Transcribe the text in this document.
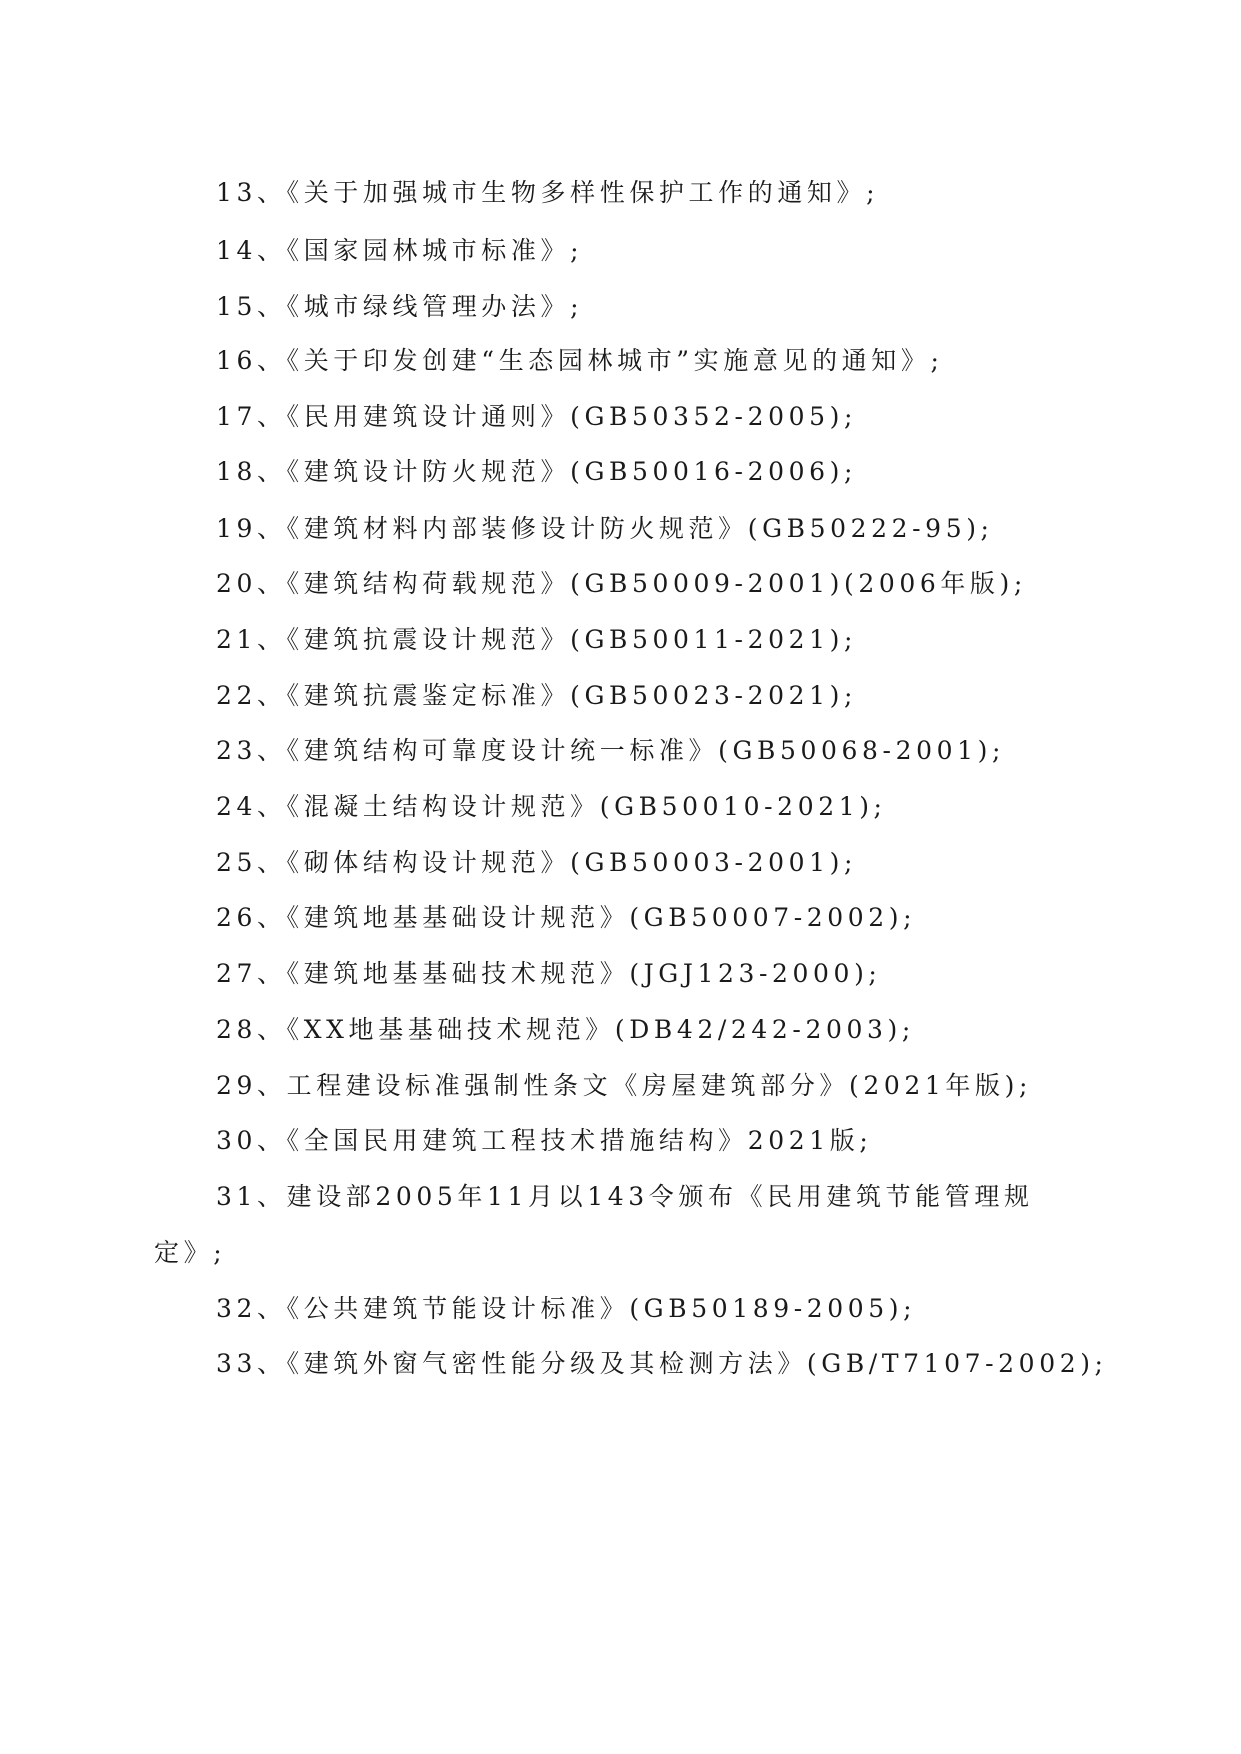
13、《关于加强城市生物多样性保护工作的通知》;
14、《国家园林城市标准》;
15、《城市绿线管理办法》;
16、《关于印发创建“生态园林城市”实施意见的通知》;
17、《民用建筑设计通则》(GB50352-2005);
18、《建筑设计防火规范》(GB50016-2006);
19、《建筑材料内部装修设计防火规范》(GB50222-95);
20、《建筑结构荷载规范》(GB50009-2001)(2006年版);
21、《建筑抗震设计规范》(GB50011-2021);
22、《建筑抗震鉴定标准》(GB50023-2021);
23、《建筑结构可靠度设计统一标准》(GB50068-2001);
24、《混凝土结构设计规范》(GB50010-2021);
25、《砌体结构设计规范》(GB50003-2001);
26、《建筑地基基础设计规范》(GB50007-2002);
27、《建筑地基基础技术规范》(JGJ123-2000);
28、《XX地基基础技术规范》(DB42/242-2003);
29、工程建设标准强制性条文《房屋建筑部分》(2021年版);
30、《全国民用建筑工程技术措施结构》2021版;
31、建设部2005年11月以143令颁布《民用建筑节能管理规
定》;
32、《公共建筑节能设计标准》(GB50189-2005);
33、《建筑外窗气密性能分级及其检测方法》(GB/T7107-2002);
